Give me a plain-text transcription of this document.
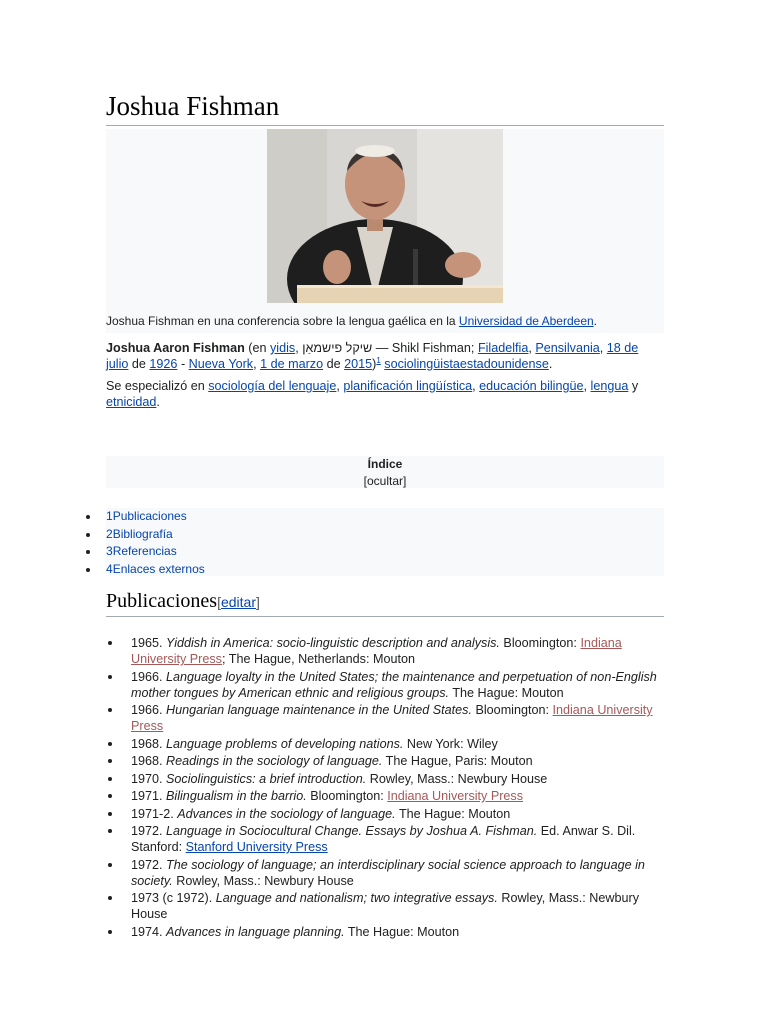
Joshua Fishman
Joshua Fishman en una conferencia sobre la lengua gaélica en la Universidad de Aberdeen.

Joshua Aaron Fishman (en yidis, שיקל פישמאַן — Shikl Fishman; Filadelfia, Pensilvania, 18 de julio de 1926 - Nueva York, 1 de marzo de 2015)$^1$ sociolingüistaestadounidense.

Se especializó en sociología del lenguaje, planificación lingüística, educación bilingüe, lengua y etnicidad.

Índice
[ocultar]
1Publicaciones
2Bibliografía
3Referencias
4Enlaces externos
Publicaciones[editar]
1965. Yiddish in America: socio-linguistic description and analysis. Bloomington: Indiana University Press; The Hague, Netherlands: Mouton
1966. Language loyalty in the United States; the maintenance and perpetuation of non-English mother tongues by American ethnic and religious groups. The Hague: Mouton
1966. Hungarian language maintenance in the United States. Bloomington: Indiana University Press
1968. Language problems of developing nations. New York: Wiley
1968. Readings in the sociology of language. The Hague, Paris: Mouton
1970. Sociolinguistics: a brief introduction. Rowley, Mass.: Newbury House
1971. Bilingualism in the barrio. Bloomington: Indiana University Press
1971-2. Advances in the sociology of language. The Hague: Mouton
1972. Language in Sociocultural Change. Essays by Joshua A. Fishman. Ed. Anwar S. Dil. Stanford: Stanford University Press
1972. The sociology of language; an interdisciplinary social science approach to language in society. Rowley, Mass.: Newbury House
1973 (c 1972). Language and nationalism; two integrative essays. Rowley, Mass.: Newbury House
1974. Advances in language planning. The Hague: Mouton
